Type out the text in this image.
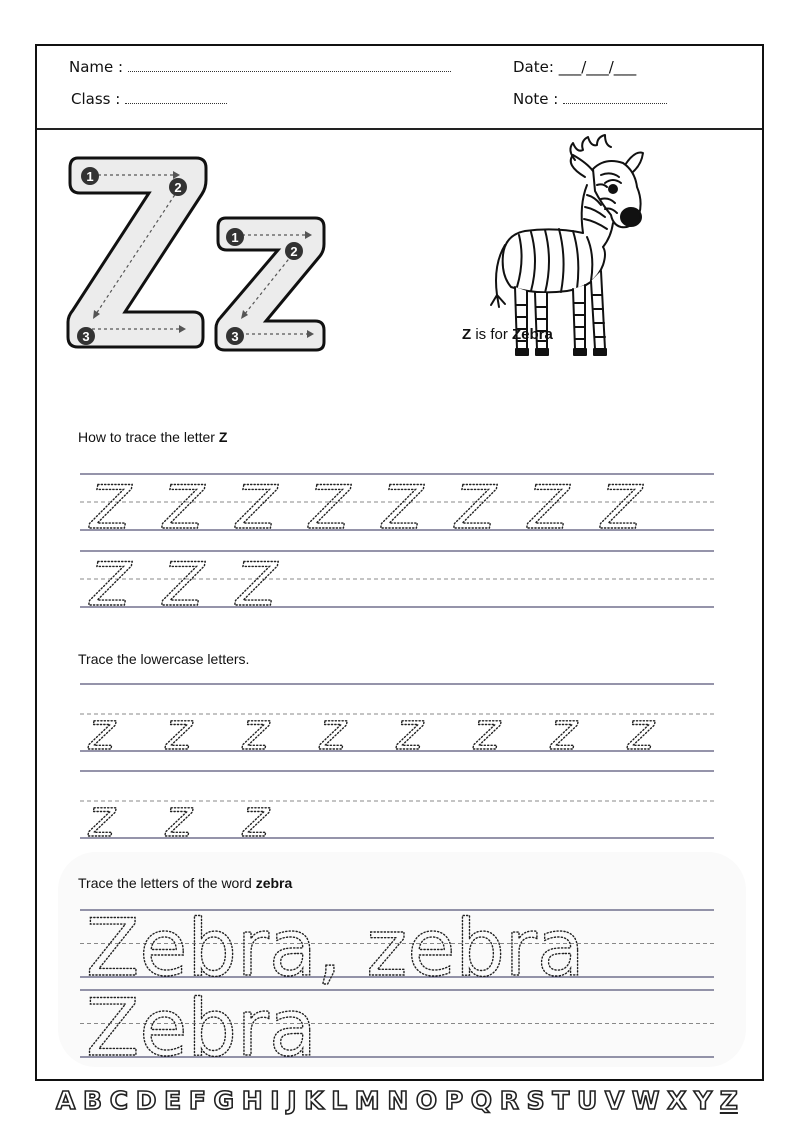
Name :
Class :
Date: ___/___/___
Note :
1
2
3
1
2
3	Z is for Zebra
How to trace the letter Z
Trace the lowercase letters.
Trace the letters of the word zebra
Z Z Z Z Z Z Z Z
Z Z Z
z z z z z z z z
z z z
Zebra, zebra
Zebra
A B C D E F G H I J K L M N O P Q R S T U V W X Y Z
